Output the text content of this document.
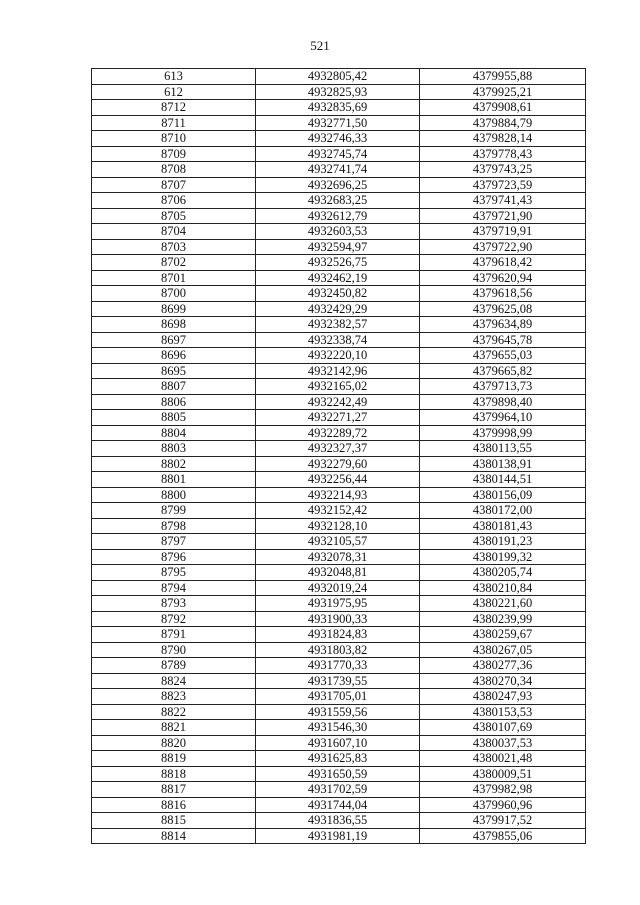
521
613	4932805,42	4379955,88
612	4932825,93	4379925,21
8712	4932835,69	4379908,61
8711	4932771,50	4379884,79
8710	4932746,33	4379828,14
8709	4932745,74	4379778,43
8708	4932741,74	4379743,25
8707	4932696,25	4379723,59
8706	4932683,25	4379741,43
8705	4932612,79	4379721,90
8704	4932603,53	4379719,91
8703	4932594,97	4379722,90
8702	4932526,75	4379618,42
8701	4932462,19	4379620,94
8700	4932450,82	4379618,56
8699	4932429,29	4379625,08
8698	4932382,57	4379634,89
8697	4932338,74	4379645,78
8696	4932220,10	4379655,03
8695	4932142,96	4379665,82
8807	4932165,02	4379713,73
8806	4932242,49	4379898,40
8805	4932271,27	4379964,10
8804	4932289,72	4379998,99
8803	4932327,37	4380113,55
8802	4932279,60	4380138,91
8801	4932256,44	4380144,51
8800	4932214,93	4380156,09
8799	4932152,42	4380172,00
8798	4932128,10	4380181,43
8797	4932105,57	4380191,23
8796	4932078,31	4380199,32
8795	4932048,81	4380205,74
8794	4932019,24	4380210,84
8793	4931975,95	4380221,60
8792	4931900,33	4380239,99
8791	4931824,83	4380259,67
8790	4931803,82	4380267,05
8789	4931770,33	4380277,36
8824	4931739,55	4380270,34
8823	4931705,01	4380247,93
8822	4931559,56	4380153,53
8821	4931546,30	4380107,69
8820	4931607,10	4380037,53
8819	4931625,83	4380021,48
8818	4931650,59	4380009,51
8817	4931702,59	4379982,98
8816	4931744,04	4379960,96
8815	4931836,55	4379917,52
8814	4931981,19	4379855,06
